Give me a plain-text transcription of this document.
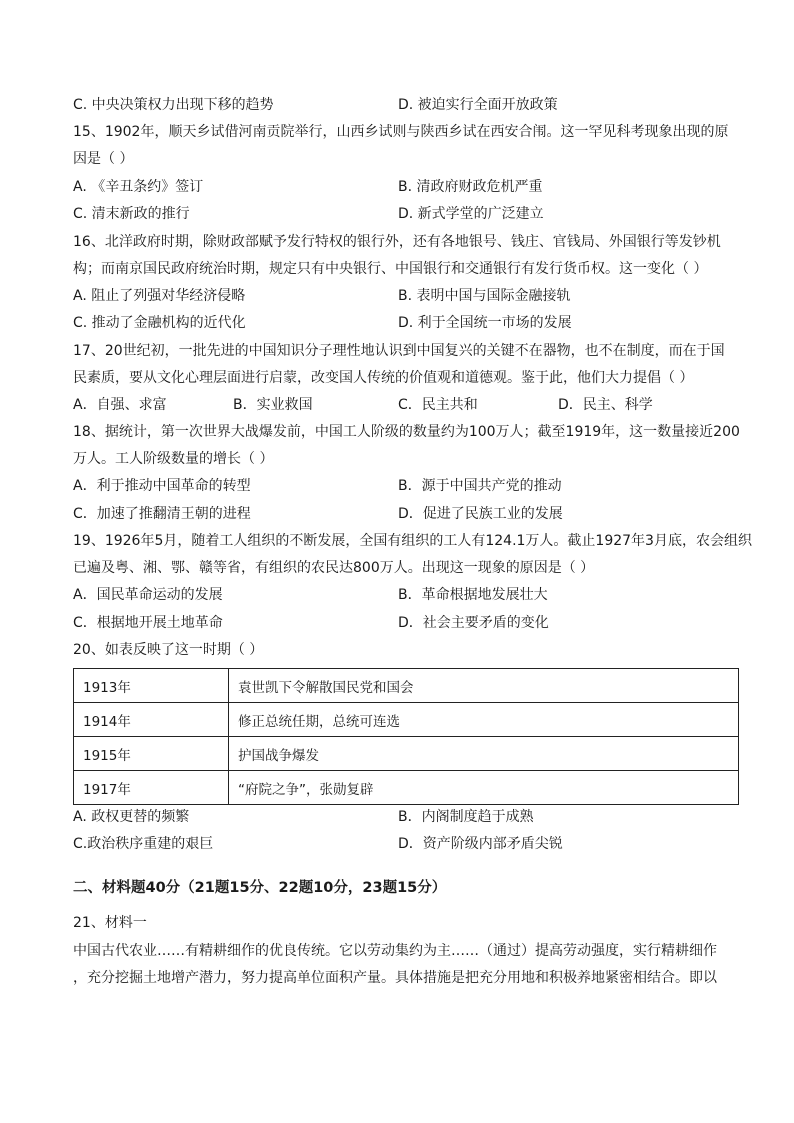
C. 中央决策权力出现下移的趋势	D. 被迫实行全面开放政策
15、1902年，顺天乡试借河南贡院举行，山西乡试则与陕西乡试在西安合闱。这一罕见科考现象出现的原
因是（ ）
A. 《辛丑条约》签订	B. 清政府财政危机严重
C. 清末新政的推行	D. 新式学堂的广泛建立
16、北洋政府时期，除财政部赋予发行特权的银行外，还有各地银号、钱庄、官钱局、外国银行等发钞机
构；而南京国民政府统治时期，规定只有中央银行、中国银行和交通银行有发行货币权。这一变化（ ）
A. 阻止了列强对华经济侵略	B. 表明中国与国际金融接轨
C. 推动了金融机构的近代化	D. 利于全国统一市场的发展
17、20世纪初，一批先进的中国知识分子理性地认识到中国复兴的关键不在器物，也不在制度，而在于国
民素质，要从文化心理层面进行启蒙，改变国人传统的价值观和道德观。鉴于此，他们大力提倡（ ）
A．自强、求富	B．实业救国	C．民主共和	D．民主、科学
18、据统计，第一次世界大战爆发前，中国工人阶级的数量约为100万人；截至1919年，这一数量接近200
万人。工人阶级数量的增长（ ）
A．利于推动中国革命的转型	B．源于中国共产党的推动
C．加速了推翻清王朝的进程	D．促进了民族工业的发展
19、1926年5月，随着工人组织的不断发展，全国有组织的工人有124.1万人。截止1927年3月底，农会组织
已遍及粤、湘、鄂、赣等省，有组织的农民达800万人。出现这一现象的原因是（ ）
A．国民革命运动的发展	B．革命根据地发展壮大
C．根据地开展土地革命	D．社会主要矛盾的变化
20、如表反映了这一时期（ ）
1913年	袁世凯下令解散国民党和国会
1914年	修正总统任期，总统可连选
1915年	护国战争爆发
1917年	“府院之争”，张勋复辟
A. 政权更替的频繁	B．内阁制度趋于成熟
C.政治秩序重建的艰巨	D．资产阶级内部矛盾尖锐
二、材料题40分（21题15分、22题10分，23题15分）
21、材料一
中国古代农业……有精耕细作的优良传统。它以劳动集约为主……（通过）提高劳动强度，实行精耕细作
，充分挖掘土地增产潜力，努力提高单位面积产量。具体措施是把充分用地和积极养地紧密相结合。即以
